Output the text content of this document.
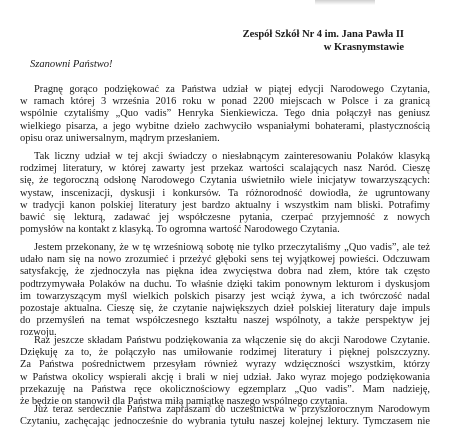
Zespół Szkół Nr 4 im. Jana Pawła II
w Krasnymstawie
Szanowni Państwo!
Pragnę gorąco podziękować za Państwa udział w piątej edycji Narodowego Czytania,
w ramach której 3 września 2016 roku w ponad 2200 miejscach w Polsce i za granicą
wspólnie czytaliśmy „Quo vadis” Henryka Sienkiewicza. Tego dnia połączył nas geniusz
wielkiego pisarza, a jego wybitne dzieło zachwyciło wspaniałymi bohaterami, plastycznością
opisu oraz uniwersalnym, mądrym przesłaniem.
Tak liczny udział w tej akcji świadczy o niesłabnącym zainteresowaniu Polaków klasyką
rodzimej literatury, w której zawarty jest przekaz wartości scalających nasz Naród. Cieszę
się, że tegoroczną odsłonę Narodowego Czytania uświetniło wiele inicjatyw towarzyszących:
wystaw, inscenizacji, dyskusji i konkursów. Ta różnorodność dowiodła, że ugruntowany
w tradycji kanon polskiej literatury jest bardzo aktualny i wszystkim nam bliski. Potrafimy
bawić się lekturą, zadawać jej współczesne pytania, czerpać przyjemność z nowych
pomysłów na kontakt z klasyką. To ogromna wartość Narodowego Czytania.
Jestem przekonany, że w tę wrześniową sobotę nie tylko przeczytaliśmy „Quo vadis”, ale też
udało nam się na nowo zrozumieć i przeżyć głęboki sens tej wyjątkowej powieści. Odczuwam
satysfakcję, że zjednoczyła nas piękna idea zwycięstwa dobra nad złem, które tak często
podtrzymywała Polaków na duchu. To właśnie dzięki takim ponownym lekturom i dyskusjom
im towarzyszącym myśl wielkich polskich pisarzy jest wciąż żywa, a ich twórczość nadal
pozostaje aktualna. Cieszę się, że czytanie największych dzieł polskiej literatury daje impuls
do przemyśleń na temat współczesnego kształtu naszej wspólnoty, a także perspektyw jej
rozwoju.
Raz jeszcze składam Państwu podziękowania za włączenie się do akcji Narodowe Czytanie.
Dziękuję za to, że połączyło nas umiłowanie rodzimej literatury i pięknej polszczyzny.
Za Państwa pośrednictwem przesyłam również wyrazy wdzięczności wszystkim, którzy
w Państwa okolicy wspierali akcję i brali w niej udział. Jako wyraz mojego podziękowania
przekazuję na Państwa ręce okolicznościowy egzemplarz „Quo vadis”. Mam nadzieję,
że będzie on stanowił dla Państwa miłą pamiątkę naszego wspólnego czytania.
Już teraz serdecznie Państwa zapraszam do uczestnictwa w przyszłorocznym Narodowym
Czytaniu, zachęcając jednocześnie do wybrania tytułu naszej kolejnej lektury. Tymczasem nie
